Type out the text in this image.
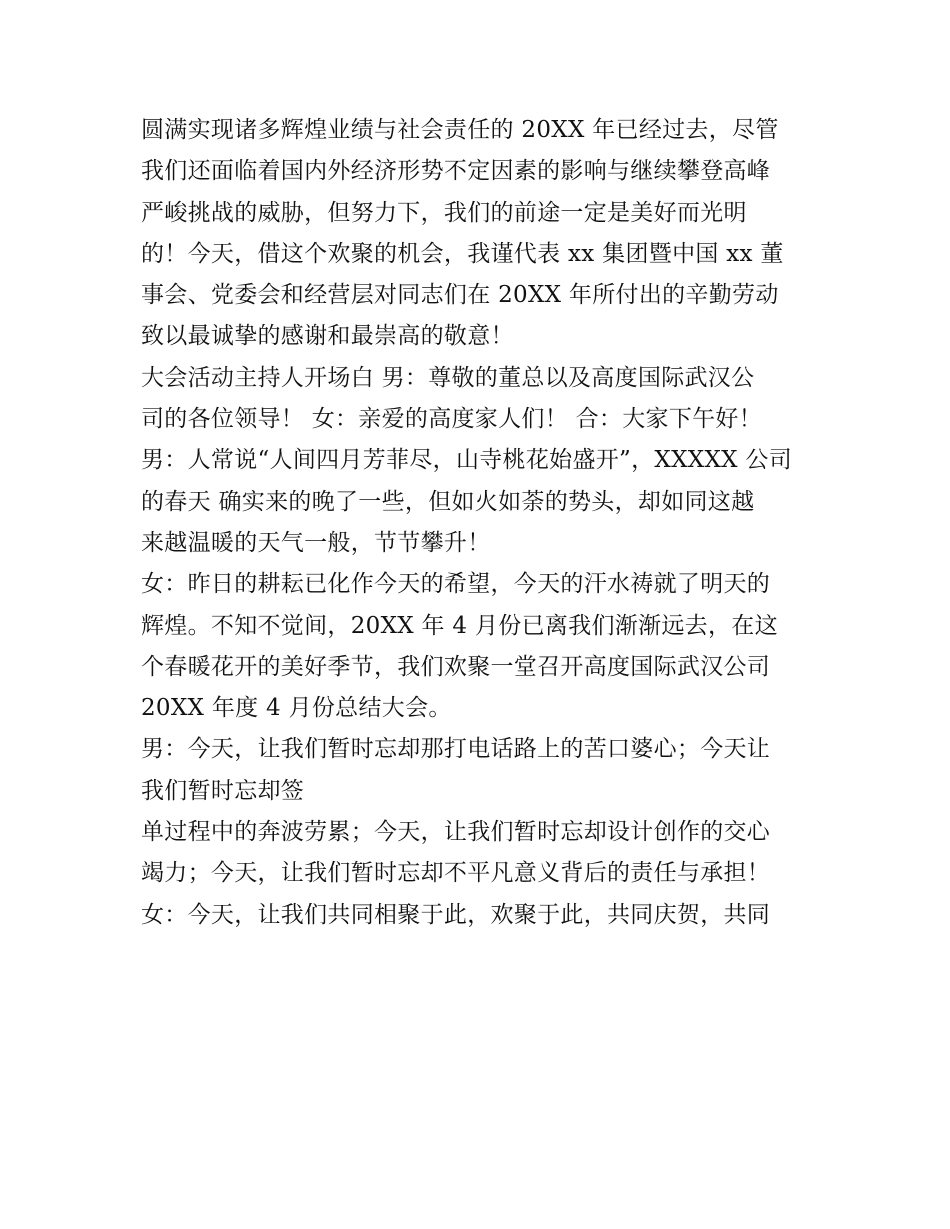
圆满实现诸多辉煌业绩与社会责任的 20XX 年已经过去，尽管
我们还面临着国内外经济形势不定因素的影响与继续攀登高峰
严峻挑战的威胁，但努力下，我们的前途一定是美好而光明
的！今天，借这个欢聚的机会，我谨代表 xx 集团暨中国 xx 董
事会、党委会和经营层对同志们在 20XX 年所付出的辛勤劳动
致以最诚挚的感谢和最崇高的敬意！
大会活动主持人开场白 男：尊敬的董总以及高度国际武汉公
司的各位领导！ 女：亲爱的高度家人们！ 合：大家下午好！
男：人常说“人间四月芳菲尽，山寺桃花始盛开”，XXXXX 公司
的春天 确实来的晚了一些，但如火如荼的势头，却如同这越
来越温暖的天气一般，节节攀升！
女：昨日的耕耘已化作今天的希望，今天的汗水祷就了明天的
辉煌。不知不觉间，20XX 年 4 月份已离我们渐渐远去，在这
个春暖花开的美好季节，我们欢聚一堂召开高度国际武汉公司
20XX 年度 4 月份总结大会。
男：今天，让我们暂时忘却那打电话路上的苦口婆心；今天让
我们暂时忘却签
单过程中的奔波劳累；今天，让我们暂时忘却设计创作的交心
竭力；今天，让我们暂时忘却不平凡意义背后的责任与承担！
女：今天，让我们共同相聚于此，欢聚于此，共同庆贺，共同
